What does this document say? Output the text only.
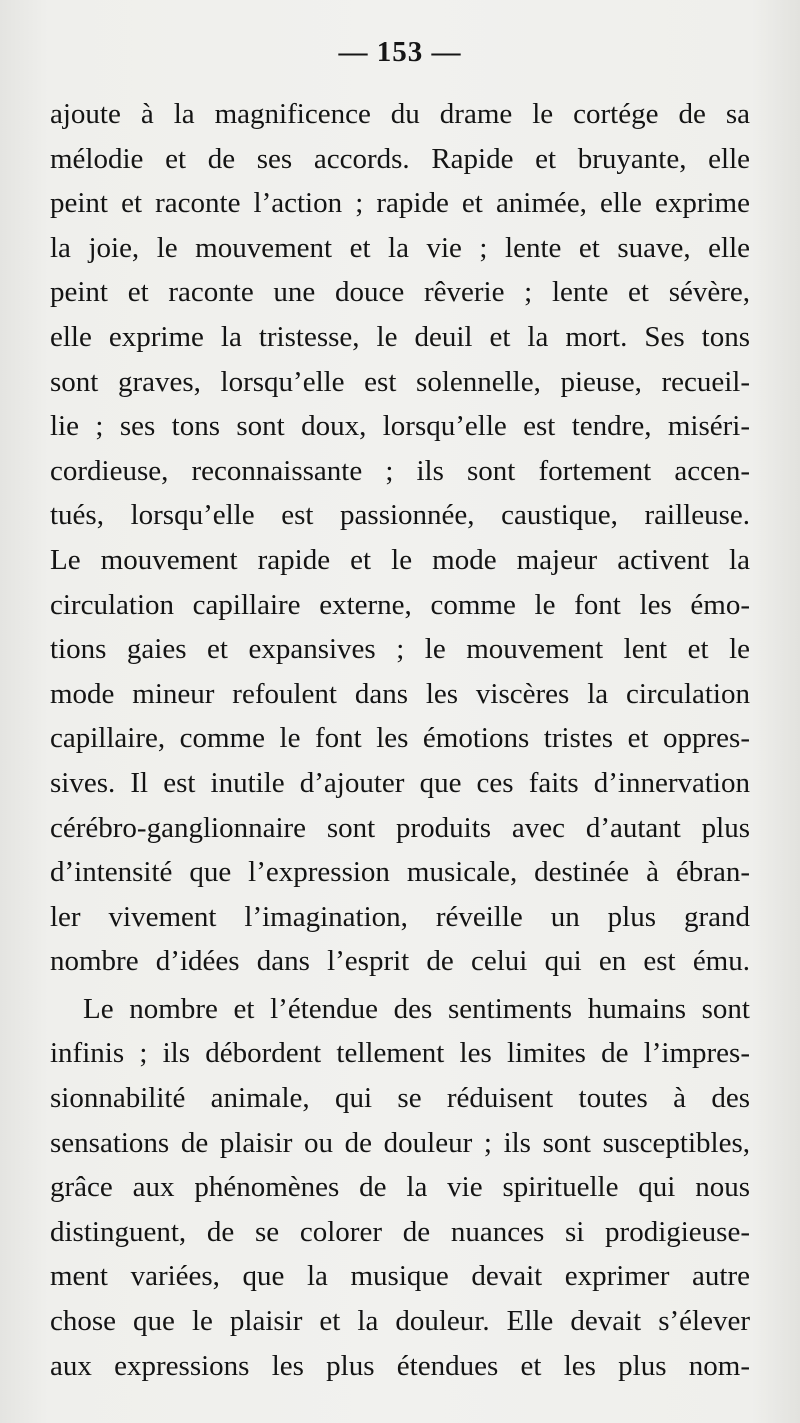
— 153 —
ajoute à la magnificence du drame le cortége de sa
mélodie et de ses accords. Rapide et bruyante, elle
peint et raconte l’action ; rapide et animée, elle exprime
la joie, le mouvement et la vie ; lente et suave, elle
peint et raconte une douce rêverie ; lente et sévère,
elle exprime la tristesse, le deuil et la mort. Ses tons
sont graves, lorsqu’elle est solennelle, pieuse, recueil-
lie ; ses tons sont doux, lorsqu’elle est tendre, miséri-
cordieuse, reconnaissante ; ils sont fortement accen-
tués, lorsqu’elle est passionnée, caustique, railleuse.
Le mouvement rapide et le mode majeur activent la
circulation capillaire externe, comme le font les émo-
tions gaies et expansives ; le mouvement lent et le
mode mineur refoulent dans les viscères la circulation
capillaire, comme le font les émotions tristes et oppres-
sives. Il est inutile d’ajouter que ces faits d’innervation
cérébro-ganglionnaire sont produits avec d’autant plus
d’intensité que l’expression musicale, destinée à ébran-
ler vivement l’imagination, réveille un plus grand
nombre d’idées dans l’esprit de celui qui en est ému.
Le nombre et l’étendue des sentiments humains sont
infinis ; ils débordent tellement les limites de l’impres-
sionnabilité animale, qui se réduisent toutes à des
sensations de plaisir ou de douleur ; ils sont susceptibles,
grâce aux phénomènes de la vie spirituelle qui nous
distinguent, de se colorer de nuances si prodigieuse-
ment variées, que la musique devait exprimer autre
chose que le plaisir et la douleur. Elle devait s’élever
aux expressions les plus étendues et les plus nom-
